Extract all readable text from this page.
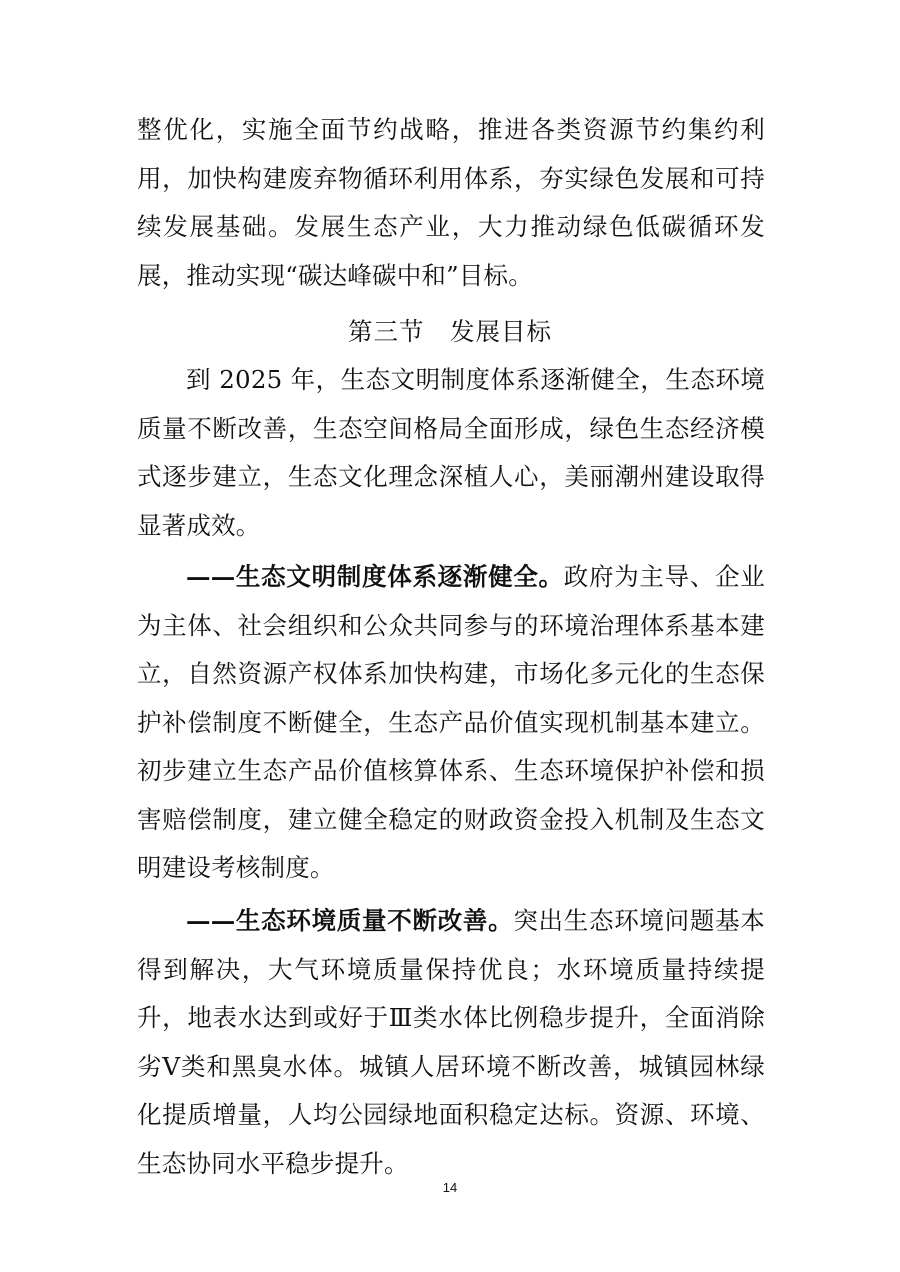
整优化，实施全面节约战略，推进各类资源节约集约利用，加快构建废弃物循环利用体系，夯实绿色发展和可持续发展基础。发展生态产业，大力推动绿色低碳循环发展，推动实现“碳达峰碳中和”目标。
第三节　发展目标
到 2025 年，生态文明制度体系逐渐健全，生态环境质量不断改善，生态空间格局全面形成，绿色生态经济模式逐步建立，生态文化理念深植人心，美丽潮州建设取得显著成效。
——生态文明制度体系逐渐健全。政府为主导、企业为主体、社会组织和公众共同参与的环境治理体系基本建立，自然资源产权体系加快构建，市场化多元化的生态保护补偿制度不断健全，生态产品价值实现机制基本建立。初步建立生态产品价值核算体系、生态环境保护补偿和损害赔偿制度，建立健全稳定的财政资金投入机制及生态文明建设考核制度。
——生态环境质量不断改善。突出生态环境问题基本得到解决，大气环境质量保持优良；水环境质量持续提升，地表水达到或好于Ⅲ类水体比例稳步提升，全面消除劣Ⅴ类和黑臭水体。城镇人居环境不断改善，城镇园林绿化提质增量，人均公园绿地面积稳定达标。资源、环境、生态协同水平稳步提升。
14
